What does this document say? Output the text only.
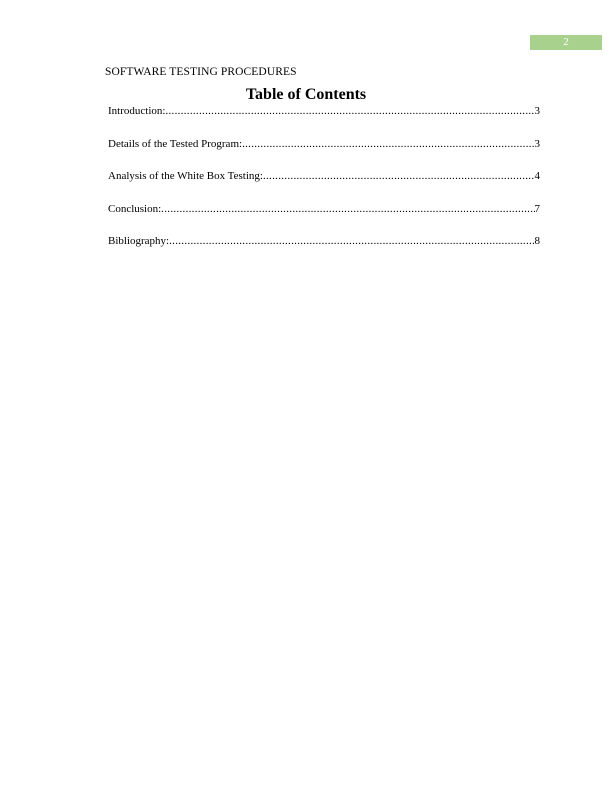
2
SOFTWARE TESTING PROCEDURES
Table of Contents
Introduction: .....	3
Details of the Tested Program: .....	3
Analysis of the White Box Testing: .....	4
Conclusion: .....	7
Bibliography: .....	8
